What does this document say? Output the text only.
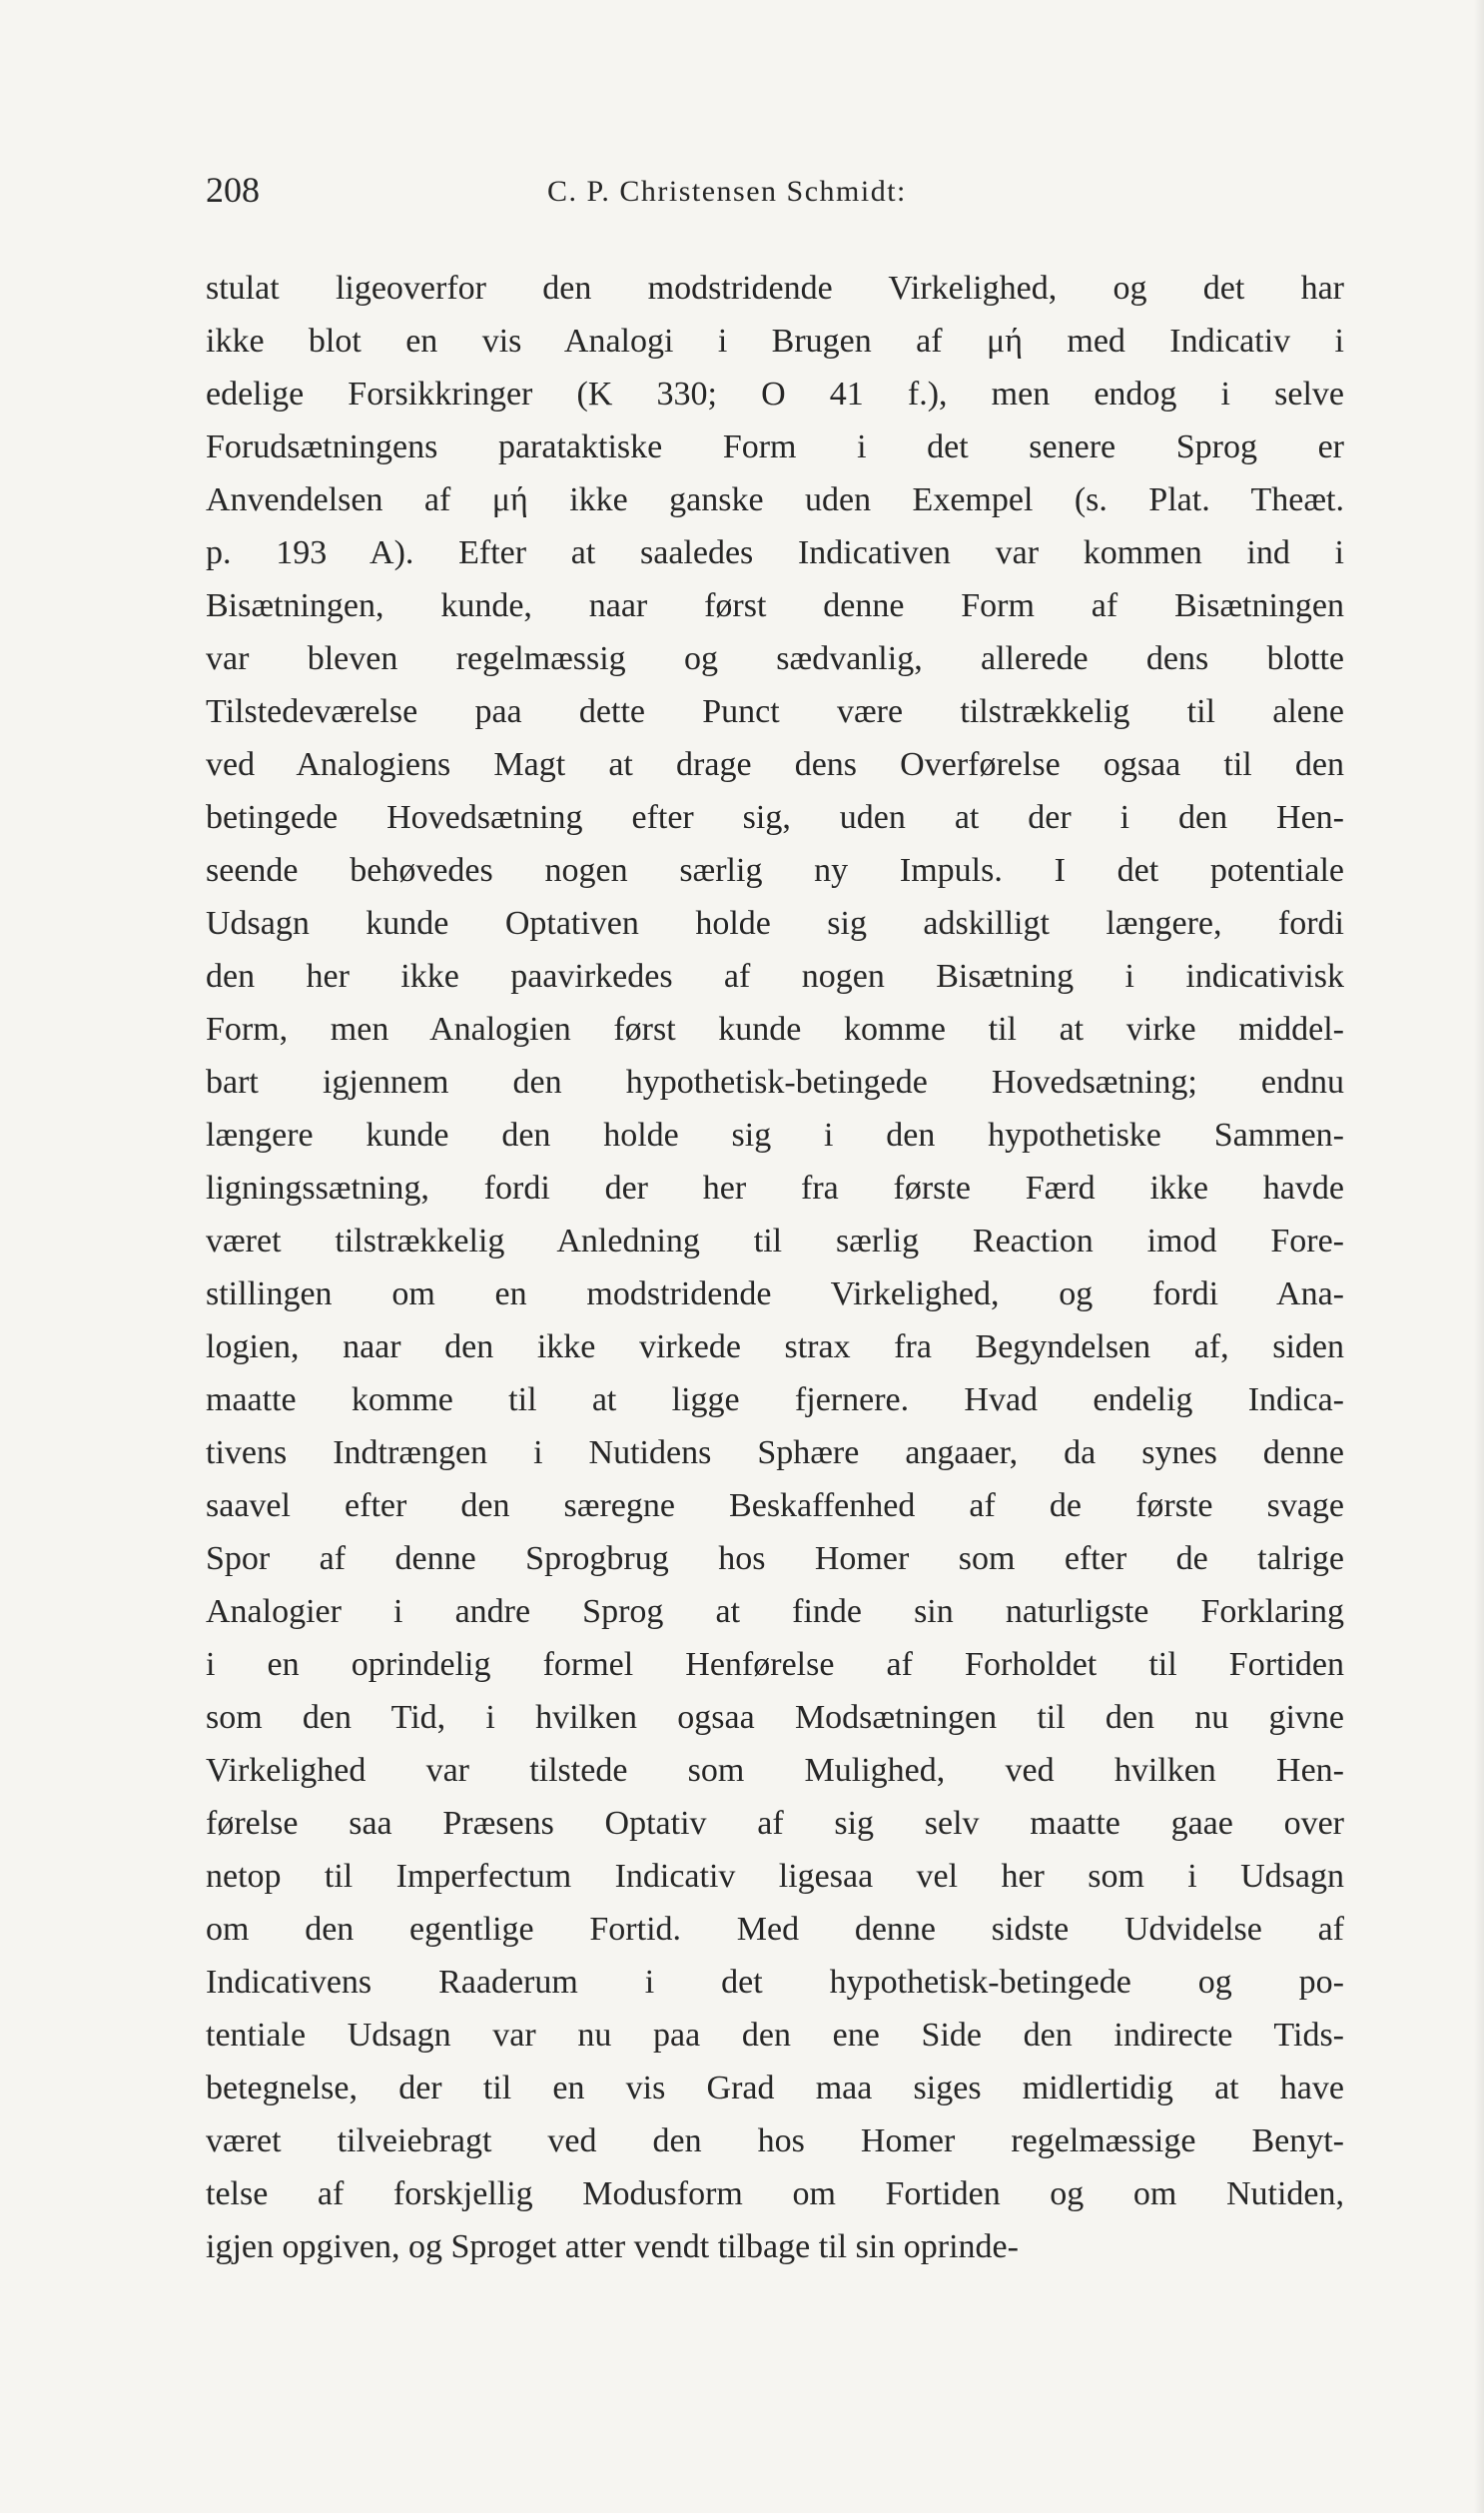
208	C. P. Christensen Schmidt:
stulat ligeoverfor den modstridende Virkelighed, og det har
ikke blot en vis Analogi i Brugen af μή med Indicativ i
edelige Forsikkringer (Κ 330; Ο 41 f.), men endog i selve
Forudsætningens parataktiske Form i det senere Sprog er
Anvendelsen af μή ikke ganske uden Exempel (s. Plat. Theæt.
p. 193 A). Efter at saaledes Indicativen var kommen ind i
Bisætningen, kunde, naar først denne Form af Bisætningen
var bleven regelmæssig og sædvanlig, allerede dens blotte
Tilstedeværelse paa dette Punct være tilstrækkelig til alene
ved Analogiens Magt at drage dens Overførelse ogsaa til den
betingede Hovedsætning efter sig, uden at der i den Hen-
seende behøvedes nogen særlig ny Impuls. I det potentiale
Udsagn kunde Optativen holde sig adskilligt længere, fordi
den her ikke paavirkedes af nogen Bisætning i indicativisk
Form, men Analogien først kunde komme til at virke middel-
bart igjennem den hypothetisk-betingede Hovedsætning; endnu
længere kunde den holde sig i den hypothetiske Sammen-
ligningssætning, fordi der her fra første Færd ikke havde
været tilstrækkelig Anledning til særlig Reaction imod Fore-
stillingen om en modstridende Virkelighed, og fordi Ana-
logien, naar den ikke virkede strax fra Begyndelsen af, siden
maatte komme til at ligge fjernere. Hvad endelig Indica-
tivens Indtrængen i Nutidens Sphære angaaer, da synes denne
saavel efter den særegne Beskaffenhed af de første svage
Spor af denne Sprogbrug hos Homer som efter de talrige
Analogier i andre Sprog at finde sin naturligste Forklaring
i en oprindelig formel Henførelse af Forholdet til Fortiden
som den Tid, i hvilken ogsaa Modsætningen til den nu givne
Virkelighed var tilstede som Mulighed, ved hvilken Hen-
førelse saa Præsens Optativ af sig selv maatte gaae over
netop til Imperfectum Indicativ ligesaa vel her som i Udsagn
om den egentlige Fortid. Med denne sidste Udvidelse af
Indicativens Raaderum i det hypothetisk-betingede og po-
tentiale Udsagn var nu paa den ene Side den indirecte Tids-
betegnelse, der til en vis Grad maa siges midlertidig at have
været tilveiebragt ved den hos Homer regelmæssige Benyt-
telse af forskjellig Modusform om Fortiden og om Nutiden,
igjen opgiven, og Sproget atter vendt tilbage til sin oprinde-
